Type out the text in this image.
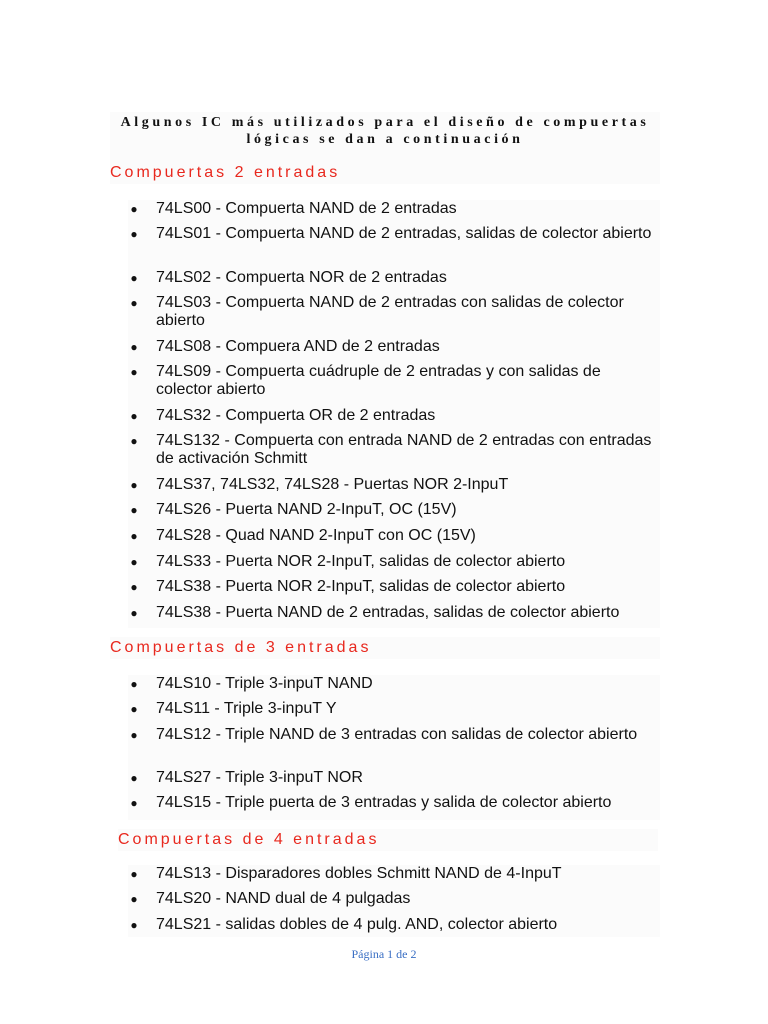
Algunos IC más utilizados para el diseño de compuertas
lógicas se dan a continuación
Compuertas 2 entradas
● 74LS00 - Compuerta NAND de 2 entradas
● 74LS01 - Compuerta NAND de 2 entradas, salidas de colector abierto
● 74LS02 - Compuerta NOR de 2 entradas
● 74LS03 - Compuerta NAND de 2 entradas con salidas de colector abierto
● 74LS08 - Compuera AND de 2 entradas
● 74LS09 - Compuerta cuádruple de 2 entradas y con salidas de colector abierto
● 74LS32 - Compuerta OR de 2 entradas
● 74LS132 - Compuerta con entrada NAND de 2 entradas con entradas de activación Schmitt
● 74LS37, 74LS32, 74LS28 - Puertas NOR 2-InpuT
● 74LS26 - Puerta NAND 2-InpuT, OC (15V)
● 74LS28 - Quad NAND 2-InpuT con OC (15V)
● 74LS33 - Puerta NOR 2-InpuT, salidas de colector abierto
● 74LS38 - Puerta NOR 2-InpuT, salidas de colector abierto
● 74LS38 - Puerta NAND de 2 entradas, salidas de colector abierto
Compuertas de 3 entradas
● 74LS10 - Triple 3-inpuT NAND
● 74LS11 - Triple 3-inpuT Y
● 74LS12 - Triple NAND de 3 entradas con salidas de colector abierto
● 74LS27 - Triple 3-inpuT NOR
● 74LS15 - Triple puerta de 3 entradas y salida de colector abierto
Compuertas de 4 entradas
● 74LS13 - Disparadores dobles Schmitt NAND de 4-InpuT
● 74LS20 - NAND dual de 4 pulgadas
● 74LS21 - salidas dobles de 4 pulg. AND, colector abierto
Página 1 de 2
